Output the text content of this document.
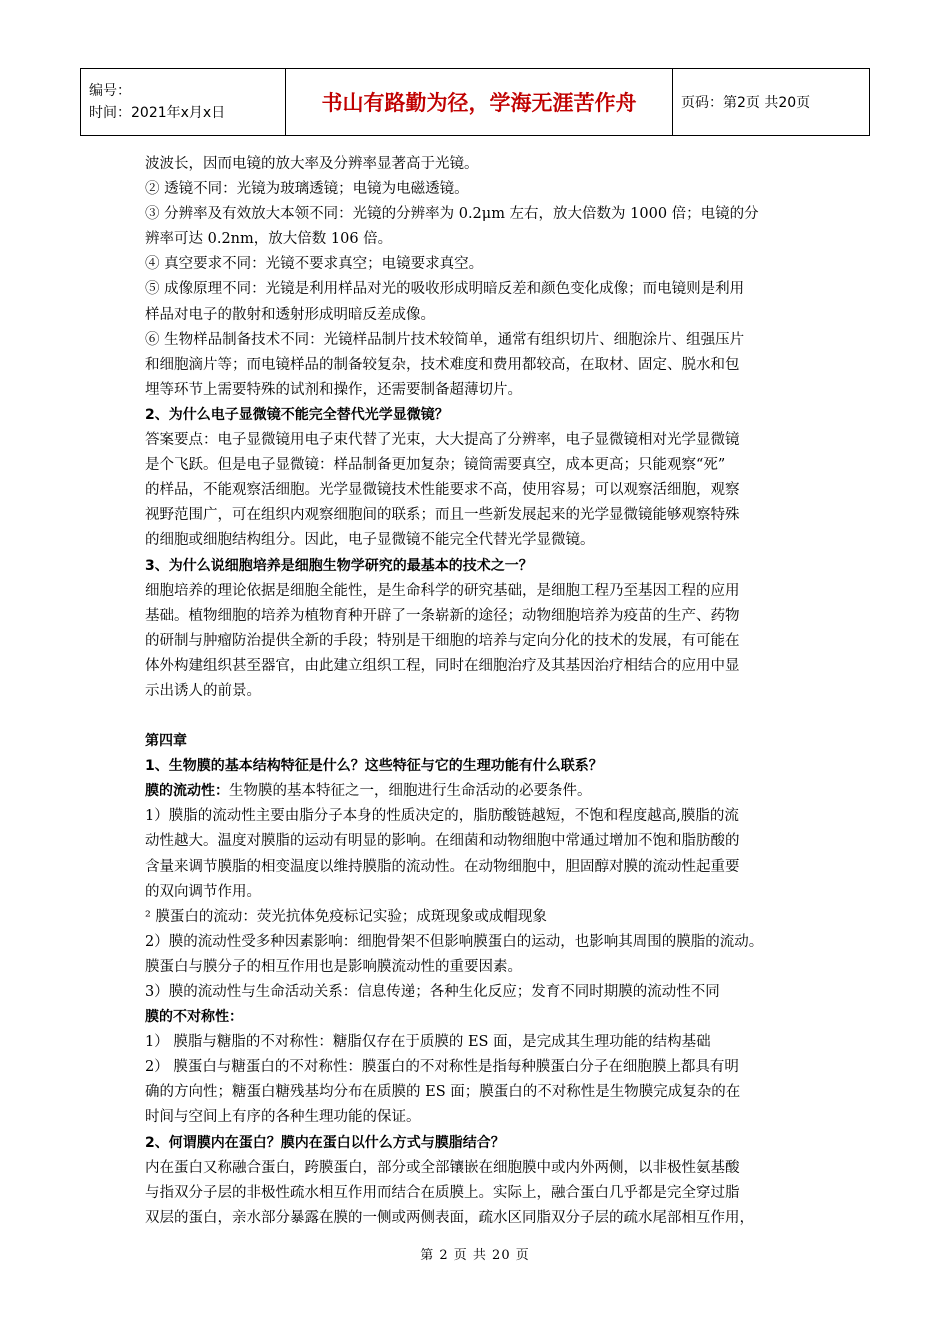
编号：
时间：2021年x月x日	书山有路勤为径，学海无涯苦作舟	页码：第2页 共20页

波波长，因而电镜的放大率及分辨率显著高于光镜。

② 透镜不同：光镜为玻璃透镜；电镜为电磁透镜。

③ 分辨率及有效放大本领不同：光镜的分辨率为 0.2μm 左右，放大倍数为 1000 倍；电镜的分

辨率可达 0.2nm，放大倍数 106 倍。

④ 真空要求不同：光镜不要求真空；电镜要求真空。

⑤ 成像原理不同：光镜是利用样品对光的吸收形成明暗反差和颜色变化成像；而电镜则是利用

样品对电子的散射和透射形成明暗反差成像。

⑥ 生物样品制备技术不同：光镜样品制片技术较简单，通常有组织切片、细胞涂片、组强压片

和细胞滴片等；而电镜样品的制备较复杂，技术难度和费用都较高，在取材、固定、脱水和包

埋等环节上需要特殊的试剂和操作，还需要制备超薄切片。

2、为什么电子显微镜不能完全替代光学显微镜？

答案要点：电子显微镜用电子束代替了光束，大大提高了分辨率，电子显微镜相对光学显微镜

是个飞跃。但是电子显微镜：样品制备更加复杂；镜筒需要真空，成本更高；只能观察“死”

的样品，不能观察活细胞。光学显微镜技术性能要求不高，使用容易；可以观察活细胞，观察

视野范围广，可在组织内观察细胞间的联系；而且一些新发展起来的光学显微镜能够观察特殊

的细胞或细胞结构组分。因此，电子显微镜不能完全代替光学显微镜。

3、为什么说细胞培养是细胞生物学研究的最基本的技术之一？

细胞培养的理论依据是细胞全能性，是生命科学的研究基础，是细胞工程乃至基因工程的应用

基础。植物细胞的培养为植物育种开辟了一条崭新的途径；动物细胞培养为疫苗的生产、药物

的研制与肿瘤防治提供全新的手段；特别是干细胞的培养与定向分化的技术的发展，有可能在

体外构建组织甚至器官，由此建立组织工程，同时在细胞治疗及其基因治疗相结合的应用中显

示出诱人的前景。

第四章

1、生物膜的基本结构特征是什么？这些特征与它的生理功能有什么联系？

膜的流动性：生物膜的基本特征之一，细胞进行生命活动的必要条件。

1）膜脂的流动性主要由脂分子本身的性质决定的，脂肪酸链越短，不饱和程度越高,膜脂的流

动性越大。温度对膜脂的运动有明显的影响。在细菌和动物细胞中常通过增加不饱和脂肪酸的

含量来调节膜脂的相变温度以维持膜脂的流动性。在动物细胞中，胆固醇对膜的流动性起重要

的双向调节作用。

² 膜蛋白的流动：荧光抗体免疫标记实验；成斑现象或成帽现象

2）膜的流动性受多种因素影响：细胞骨架不但影响膜蛋白的运动，也影响其周围的膜脂的流动。

膜蛋白与膜分子的相互作用也是影响膜流动性的重要因素。

3）膜的流动性与生命活动关系：信息传递；各种生化反应；发育不同时期膜的流动性不同

膜的不对称性：

1） 膜脂与糖脂的不对称性：糖脂仅存在于质膜的 ES 面，是完成其生理功能的结构基础

2） 膜蛋白与糖蛋白的不对称性：膜蛋白的不对称性是指每种膜蛋白分子在细胞膜上都具有明

确的方向性；糖蛋白糖残基均分布在质膜的 ES 面；膜蛋白的不对称性是生物膜完成复杂的在

时间与空间上有序的各种生理功能的保证。

2、何谓膜内在蛋白？膜内在蛋白以什么方式与膜脂结合？

内在蛋白又称融合蛋白，跨膜蛋白，部分或全部镶嵌在细胞膜中或内外两侧，以非极性氨基酸

与指双分子层的非极性疏水相互作用而结合在质膜上。实际上，融合蛋白几乎都是完全穿过脂

双层的蛋白，亲水部分暴露在膜的一侧或两侧表面，疏水区同脂双分子层的疏水尾部相互作用，

第 2 页 共 20 页
